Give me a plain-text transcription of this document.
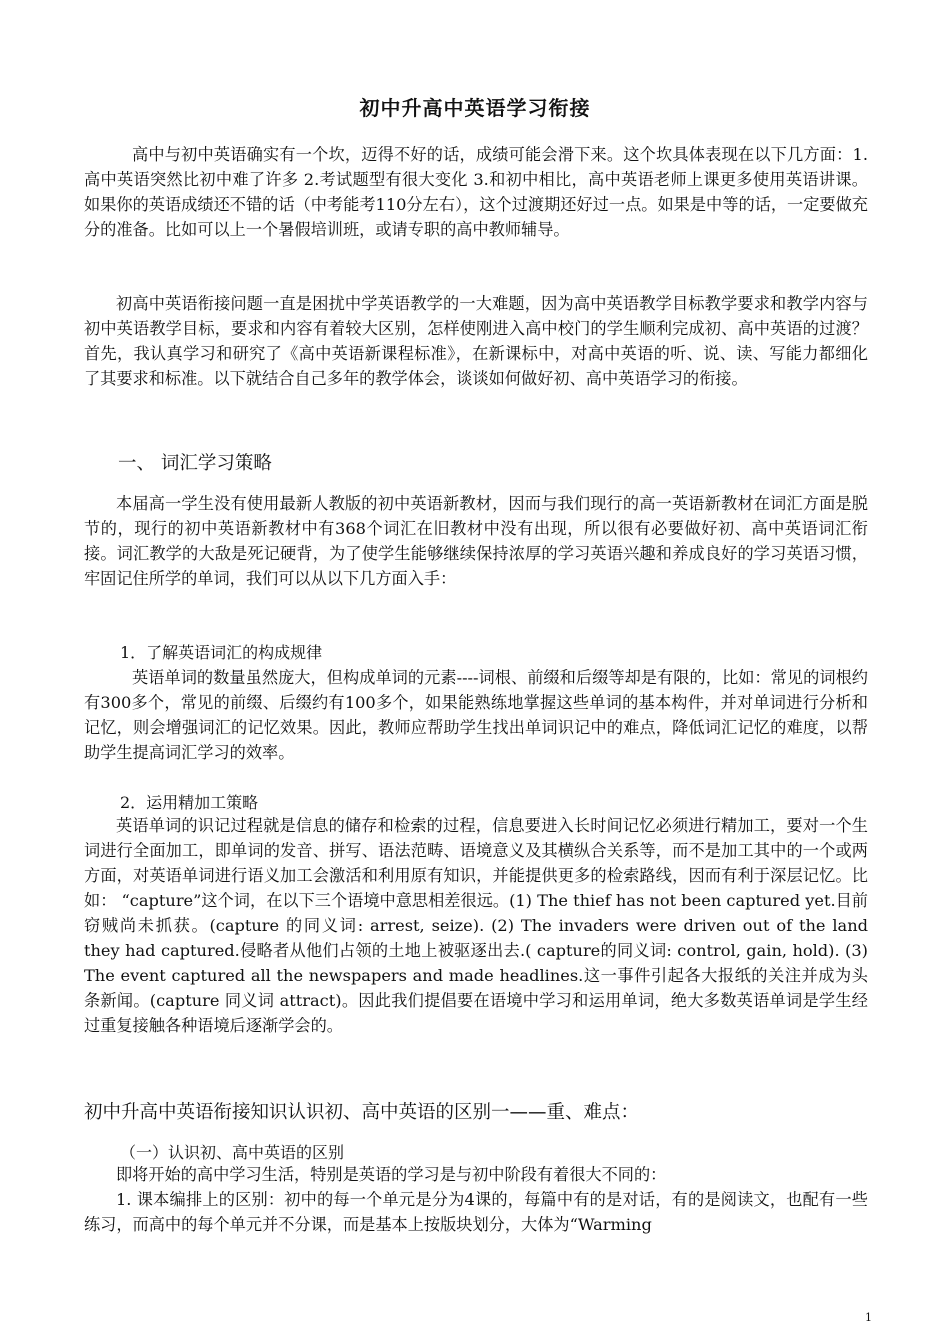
初中升高中英语学习衔接
高中与初中英语确实有一个坎，迈得不好的话，成绩可能会滑下来。这个坎具体表现在以下几方面：1.高中英语突然比初中难了许多 2.考试题型有很大变化 3.和初中相比，高中英语老师上课更多使用英语讲课。如果你的英语成绩还不错的话（中考能考110分左右），这个过渡期还好过一点。如果是中等的话，一定要做充分的准备。比如可以上一个暑假培训班，或请专职的高中教师辅导。
初高中英语衔接问题一直是困扰中学英语教学的一大难题，因为高中英语教学目标教学要求和教学内容与初中英语教学目标，要求和内容有着较大区别，怎样使刚进入高中校门的学生顺利完成初、高中英语的过渡？首先，我认真学习和研究了《高中英语新课程标准》，在新课标中，对高中英语的听、说、读、写能力都细化了其要求和标准。以下就结合自己多年的教学体会，谈谈如何做好初、高中英语学习的衔接。
一、 词汇学习策略
本届高一学生没有使用最新人教版的初中英语新教材，因而与我们现行的高一英语新教材在词汇方面是脱节的，现行的初中英语新教材中有368个词汇在旧教材中没有出现，所以很有必要做好初、高中英语词汇衔接。词汇教学的大敌是死记硬背，为了使学生能够继续保持浓厚的学习英语兴趣和养成良好的学习英语习惯，牢固记住所学的单词，我们可以从以下几方面入手：
1．了解英语词汇的构成规律
英语单词的数量虽然庞大，但构成单词的元素----词根、前缀和后缀等却是有限的，比如：常见的词根约有300多个，常见的前缀、后缀约有100多个，如果能熟练地掌握这些单词的基本构件，并对单词进行分析和记忆，则会增强词汇的记忆效果。因此，教师应帮助学生找出单词识记中的难点，降低词汇记忆的难度，以帮助学生提高词汇学习的效率。
2．运用精加工策略
英语单词的识记过程就是信息的储存和检索的过程，信息要进入长时间记忆必须进行精加工，要对一个生词进行全面加工，即单词的发音、拼写、语法范畴、语境意义及其横纵合关系等，而不是加工其中的一个或两方面，对英语单词进行语义加工会激活和利用原有知识，并能提供更多的检索路线，因而有利于深层记忆。比如： “capture”这个词，在以下三个语境中意思相差很远。(1) The thief has not been captured yet.目前窃贼尚未抓获。(capture 的同义词: arrest, seize). (2) The invaders were driven out of the land they had captured.侵略者从他们占领的土地上被驱逐出去.( capture的同义词: control, gain, hold). (3) The event captured all the newspapers and made headlines.这一事件引起各大报纸的关注并成为头条新闻。(capture 同义词 attract)。因此我们提倡要在语境中学习和运用单词，绝大多数英语单词是学生经过重复接触各种语境后逐渐学会的。
初中升高中英语衔接知识认识初、高中英语的区别一——重、难点：
（一）认识初、高中英语的区别
即将开始的高中学习生活，特别是英语的学习是与初中阶段有着很大不同的：
1. 课本编排上的区别：初中的每一个单元是分为4课的，每篇中有的是对话，有的是阅读文，也配有一些练习，而高中的每个单元并不分课，而是基本上按版块划分，大体为“Warming
1
